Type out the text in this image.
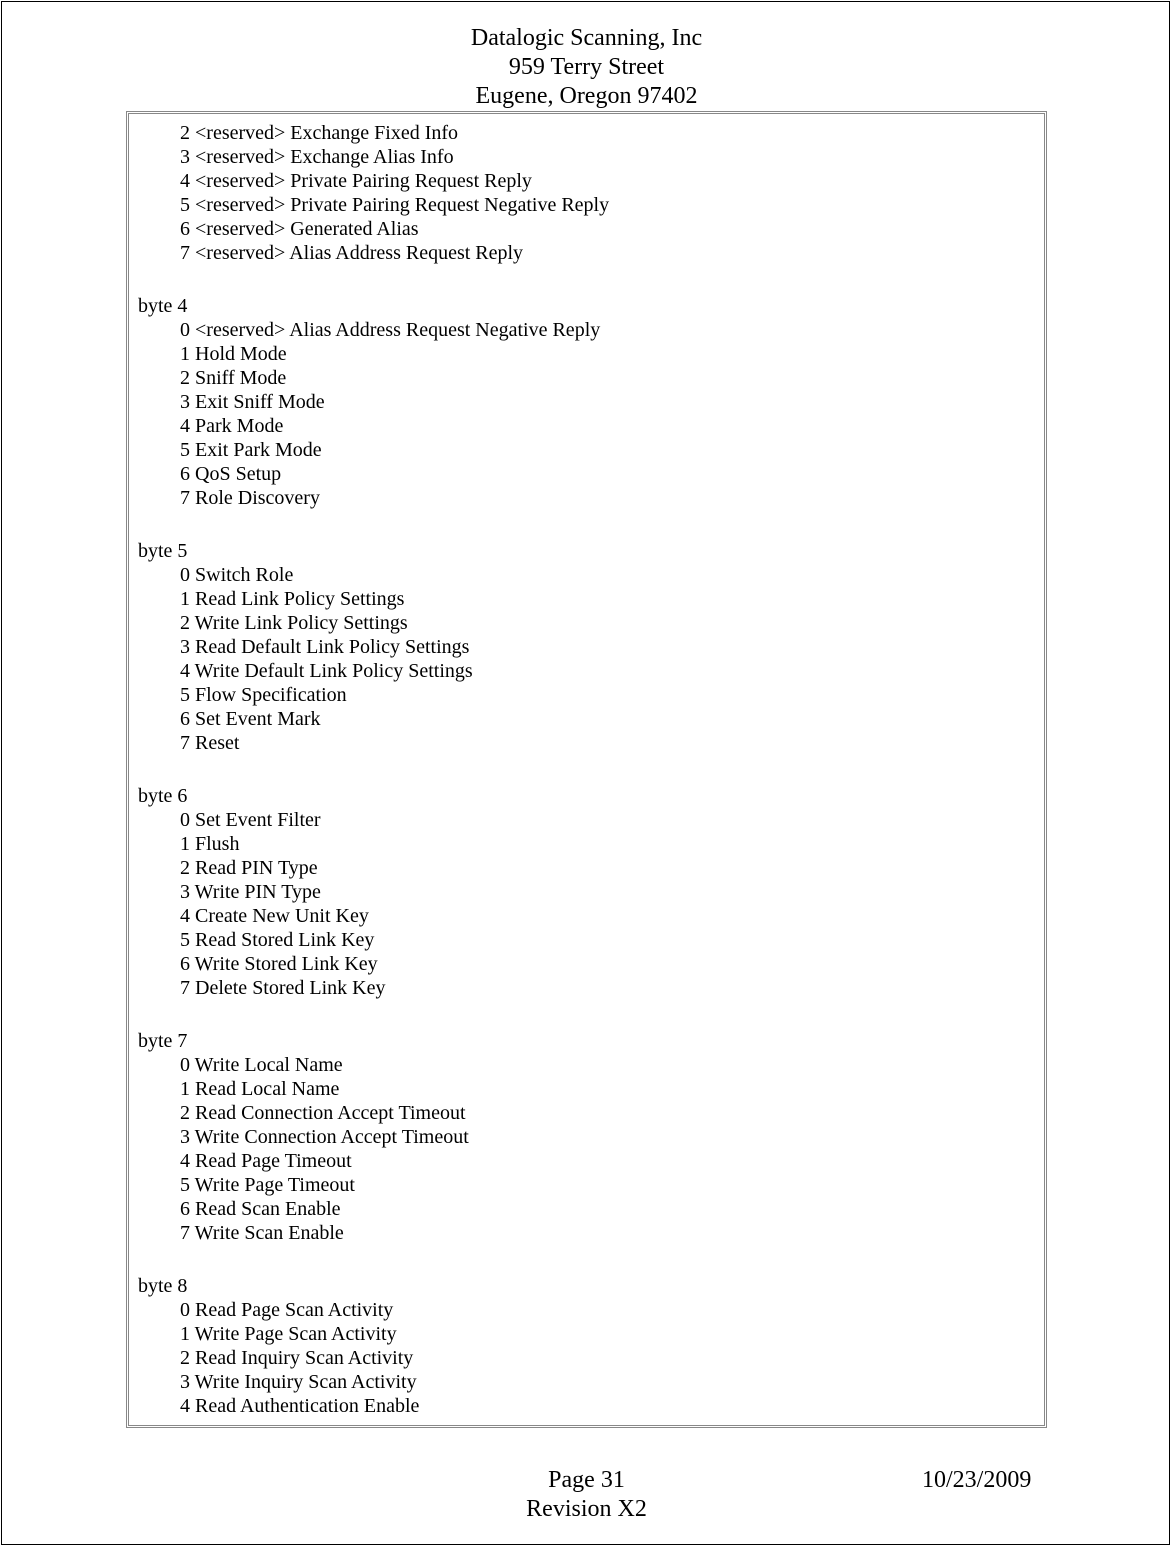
Datalogic Scanning, Inc
959 Terry Street
Eugene, Oregon 97402
2 <reserved> Exchange Fixed Info
3 <reserved> Exchange Alias Info
4 <reserved> Private Pairing Request Reply
5 <reserved> Private Pairing Request Negative Reply
6 <reserved> Generated Alias
7 <reserved> Alias Address Request Reply
byte 4
0 <reserved> Alias Address Request Negative Reply
1 Hold Mode
2 Sniff Mode
3 Exit Sniff Mode
4 Park Mode
5 Exit Park Mode
6 QoS Setup
7 Role Discovery
byte 5
0 Switch Role
1 Read Link Policy Settings
2 Write Link Policy Settings
3 Read Default Link Policy Settings
4 Write Default Link Policy Settings
5 Flow Specification
6 Set Event Mark
7 Reset
byte 6
0 Set Event Filter
1 Flush
2 Read PIN Type
3 Write PIN Type
4 Create New Unit Key
5 Read Stored Link Key
6 Write Stored Link Key
7 Delete Stored Link Key
byte 7
0 Write Local Name
1 Read Local Name
2 Read Connection Accept Timeout
3 Write Connection Accept Timeout
4 Read Page Timeout
5 Write Page Timeout
6 Read Scan Enable
7 Write Scan Enable
byte 8
0 Read Page Scan Activity
1 Write Page Scan Activity
2 Read Inquiry Scan Activity
3 Write Inquiry Scan Activity
4 Read Authentication Enable
Page 31	10/23/2009
Revision X2
